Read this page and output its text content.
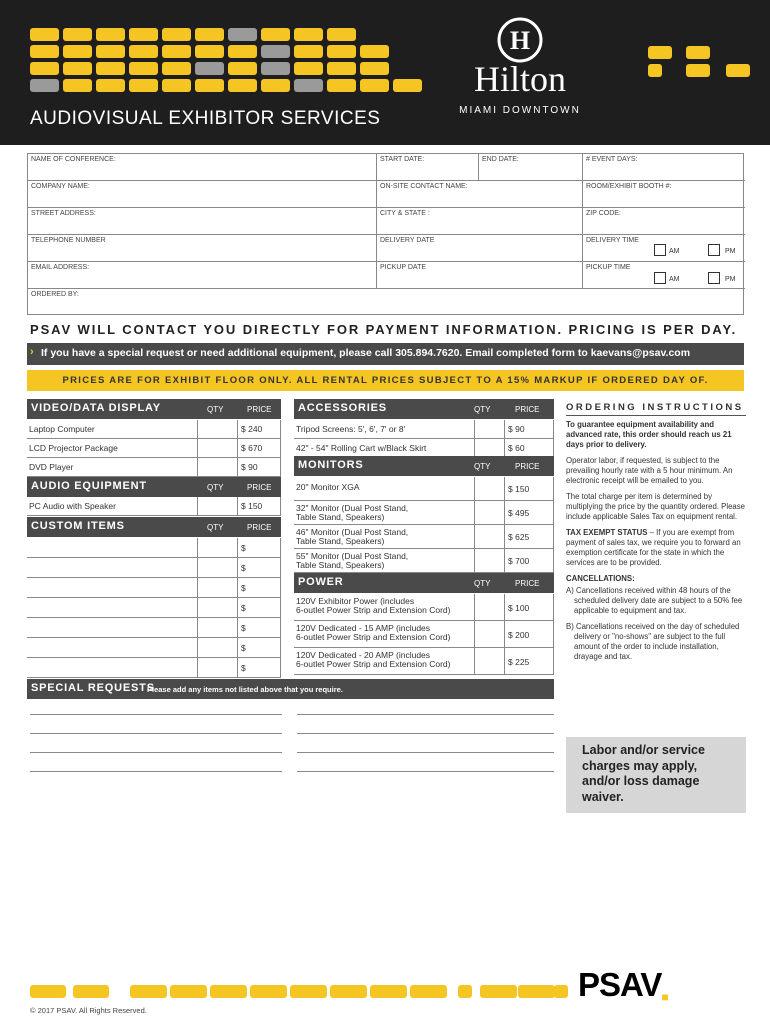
H
Hilton
MIAMI DOWNTOWN
AUDIOVISUAL EXHIBITOR SERVICES
NAME OF CONFERENCE:	START DATE:	END DATE:	# EVENT DAYS:
COMPANY NAME:	ON-SITE CONTACT NAME:	ROOM/EXHIBIT BOOTH #:
STREET ADDRESS:	CITY & STATE :	ZIP CODE:
TELEPHONE NUMBER	DELIVERY DATE	DELIVERY TIME
EMAIL ADDRESS:	PICKUP DATE	PICKUP TIME
ORDERED BY:
AM	PM
AM	PM
PSAV WILL CONTACT YOU DIRECTLY FOR PAYMENT INFORMATION. PRICING IS PER DAY.
› If you have a special request or need additional equipment, please call 305.894.7620. Email completed form to kaevans@psav.com
PRICES ARE FOR EXHIBIT FLOOR ONLY. ALL RENTAL PRICES SUBJECT TO A 15% MARKUP IF ORDERED DAY OF.
VIDEO/DATA DISPLAY	QTY	PRICE
Laptop Computer	$ 240
LCD Projector Package	$ 670
DVD Player	$ 90
AUDIO EQUIPMENT	QTY	PRICE
PC Audio with Speaker	$ 150
CUSTOM ITEMS	QTY	PRICE
$
$
$
$
$
$
$
ACCESSORIES	QTY	PRICE
Tripod Screens: 5', 6', 7' or 8'	$ 90
42" - 54" Rolling Cart w/Black Skirt	$ 60
MONITORS	QTY	PRICE
20" Monitor XGA	$ 150
32" Monitor (Dual Post Stand,
Table Stand, Speakers)	$ 495
46" Monitor (Dual Post Stand,
Table Stand, Speakers)	$ 625
55" Monitor (Dual Post Stand,
Table Stand, Speakers)	$ 700
POWER	QTY	PRICE
120V Exhibitor Power (includes
6-outlet Power Strip and Extension Cord)	$ 100
120V Dedicated - 15 AMP (includes
6-outlet Power Strip and Extension Cord)	$ 200
120V Dedicated - 20 AMP (includes
6-outlet Power Strip and Extension Cord)	$ 225
SPECIAL REQUESTS
Please add any items not listed above that you require.
ORDERING INSTRUCTIONS

To guarantee equipment availability and advanced rate, this order should reach us 21 days prior to delivery.

Operator labor, if requested, is subject to the prevailing hourly rate with a 5 hour minimum. An electronic receipt will be emailed to you.

The total charge per item is determined by multiplying the price by the quantity ordered. Please include applicable Sales Tax on equipment rental.

TAX EXEMPT STATUS – If you are exempt from payment of sales tax, we require you to forward an exemption certificate for the state in which the services are to be provided.

CANCELLATIONS:

A) Cancellations received within 48 hours of the scheduled delivery date are subject to a 50% fee applicable to equipment and tax.

B) Cancellations received on the day of scheduled delivery or "no-shows" are subject to the full amount of the order to include installation, drayage and tax.

Labor and/or service
charges may apply,
and/or loss damage
waiver.
PSAV■
© 2017 PSAV. All Rights Reserved.
